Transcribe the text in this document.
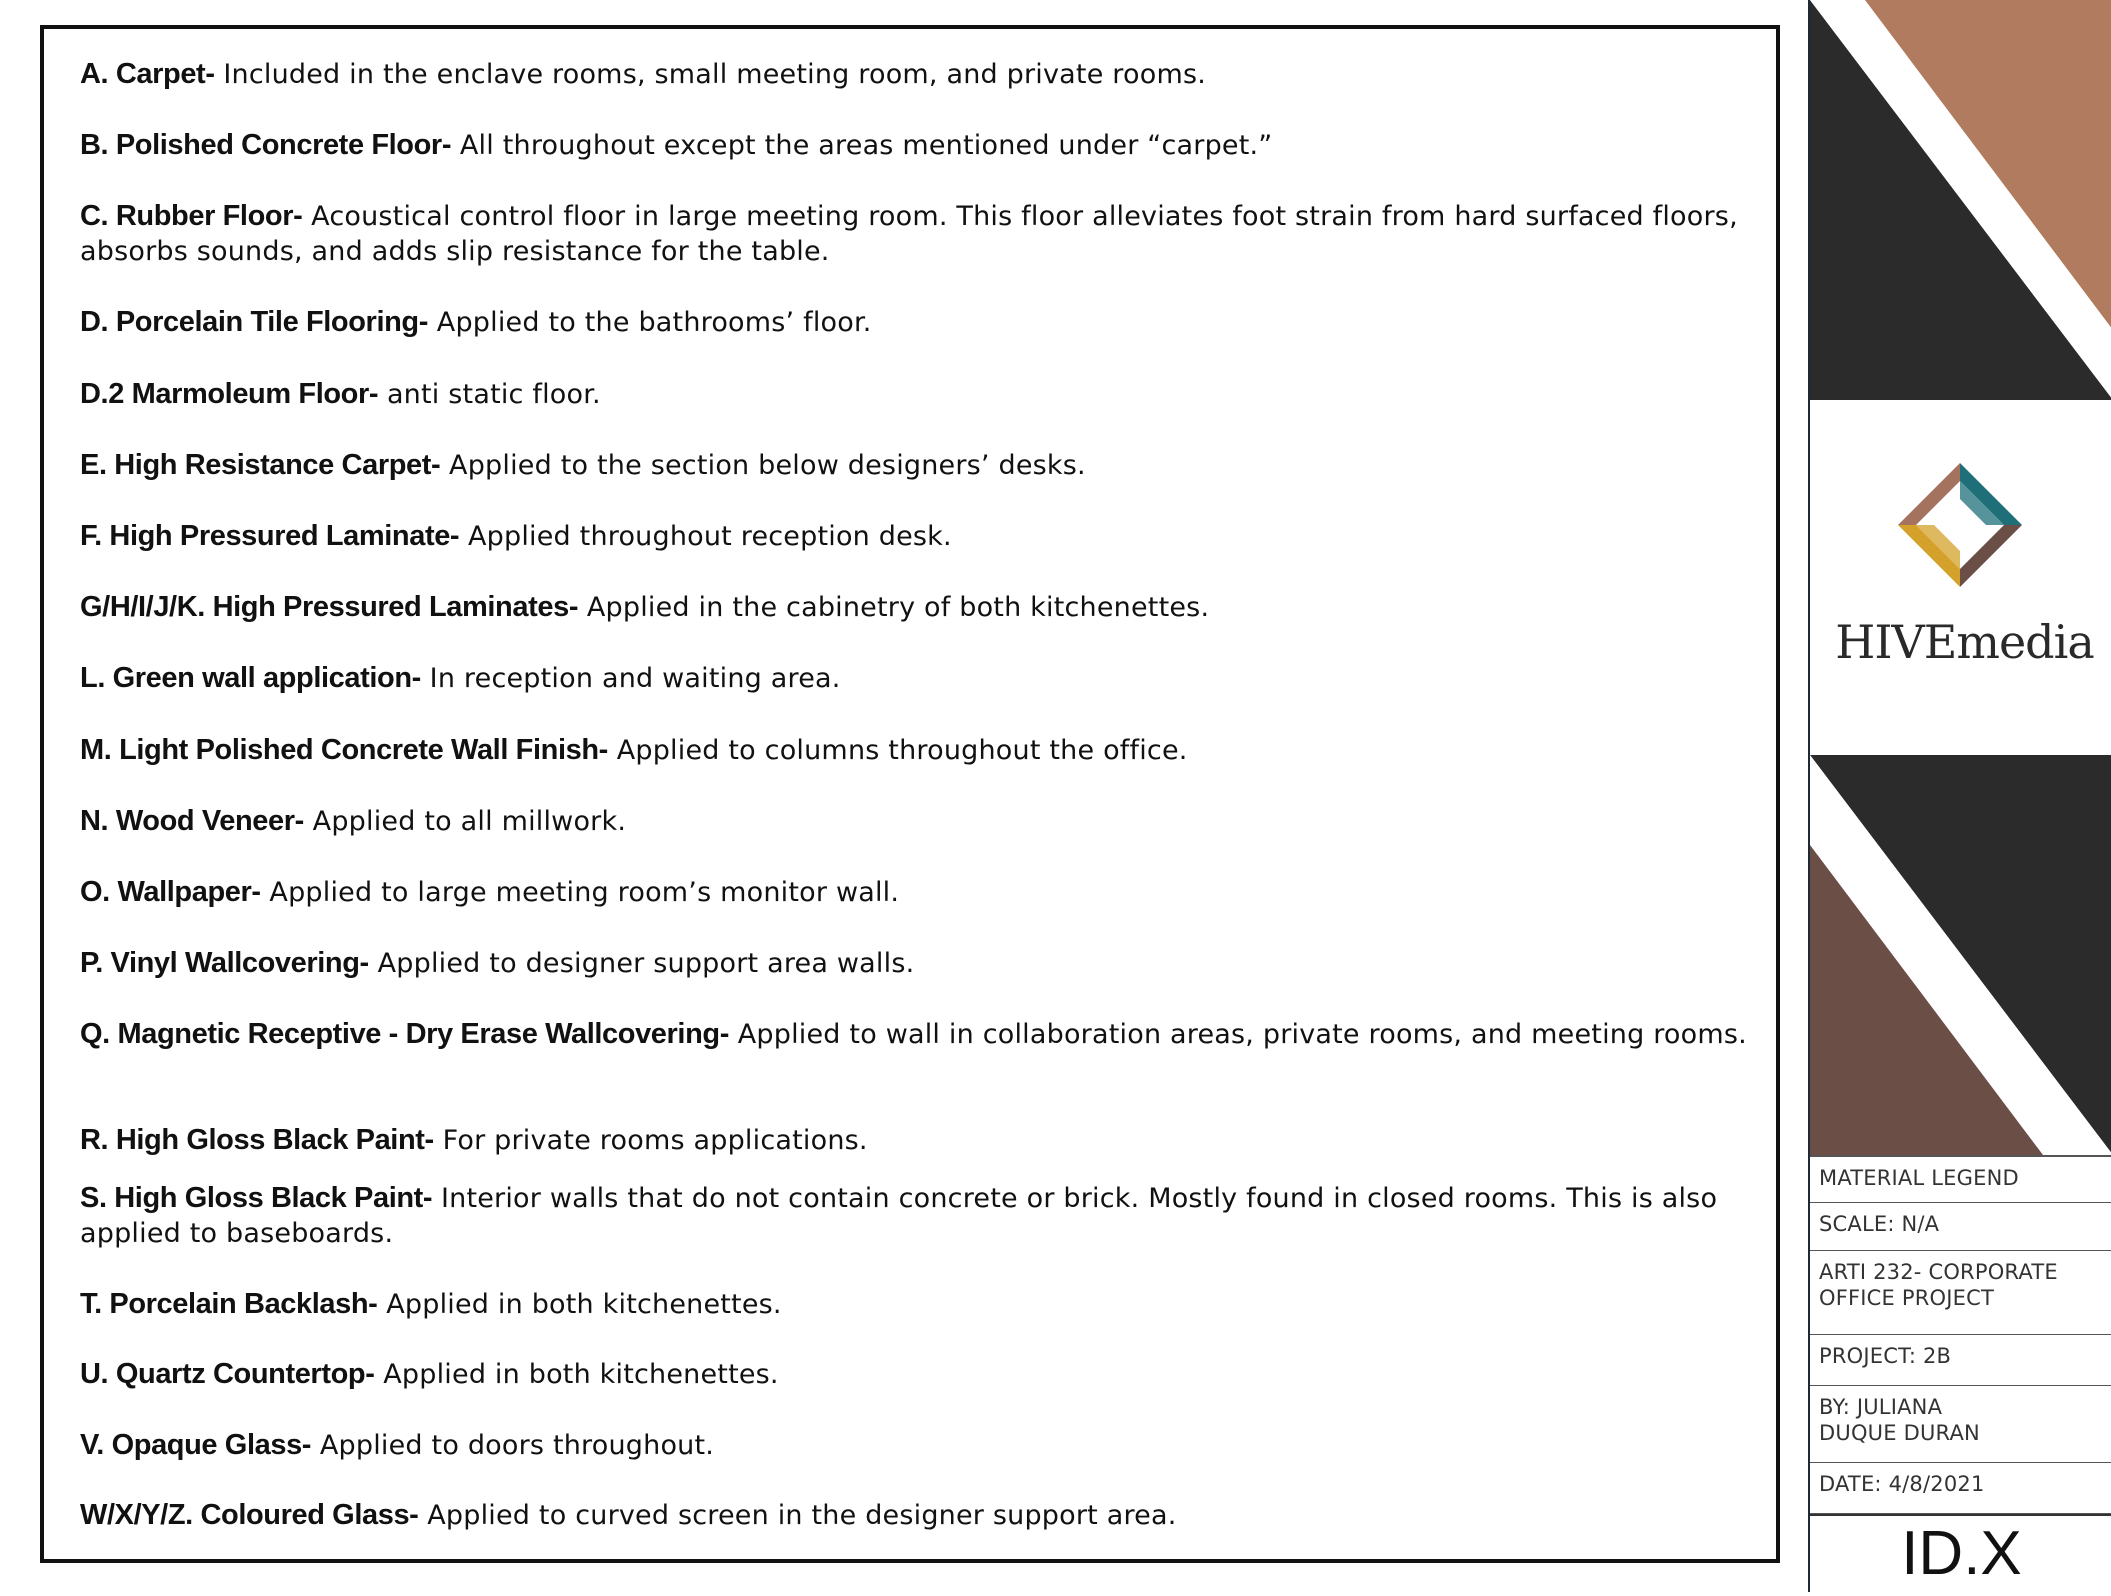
A. Carpet- Included in the enclave rooms, small meeting room, and private rooms.

B. Polished Concrete Floor- All throughout except the areas mentioned under “carpet.”

C. Rubber Floor- Acoustical control floor in large meeting room. This floor alleviates foot strain from hard surfaced floors, absorbs sounds, and adds slip resistance for the table.

D. Porcelain Tile Flooring- Applied to the bathrooms’ floor.

D.2 Marmoleum Floor- anti static floor.

E. High Resistance Carpet- Applied to the section below designers’ desks.

F. High Pressured Laminate- Applied throughout reception desk.

G/H/I/J/K. High Pressured Laminates- Applied in the cabinetry of both kitchenettes.

L. Green wall application- In reception and waiting area.

M. Light Polished Concrete Wall Finish- Applied to columns throughout the office.

N. Wood Veneer- Applied to all millwork.

O. Wallpaper- Applied to large meeting room’s monitor wall.

P. Vinyl Wallcovering- Applied to designer support area walls.

Q. Magnetic Receptive - Dry Erase Wallcovering- Applied to wall in collaboration areas, private rooms, and meeting rooms.

R. High Gloss Black Paint- For private rooms applications.

S. High Gloss Black Paint- Interior walls that do not contain concrete or brick. Mostly found in closed rooms. This is also applied to baseboards.

T. Porcelain Backlash- Applied in both kitchenettes.

U. Quartz Countertop- Applied in both kitchenettes.

V. Opaque Glass- Applied to doors throughout.

W/X/Y/Z. Coloured Glass- Applied to curved screen in the designer support area.

HIVEmedia
MATERIAL LEGEND
SCALE: N/A
ARTI 232- CORPORATE
OFFICE PROJECT
PROJECT: 2B
BY: JULIANA
DUQUE DURAN
DATE: 4/8/2021
ID.X
